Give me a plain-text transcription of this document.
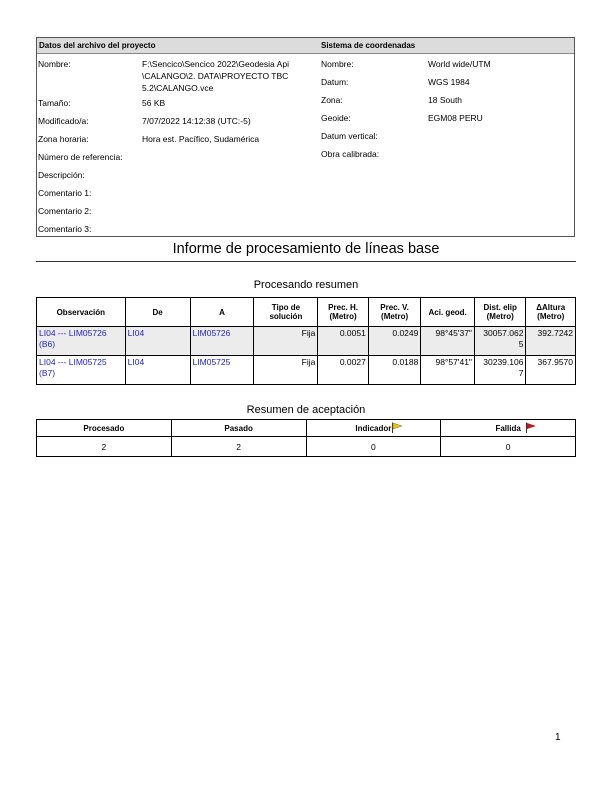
Datos del archivo del proyecto	Sistema de coordenadas
Nombre:	F:\Sencico\Sencico 2022\Geodesia Api \CALANGO\2. DATA\PROYECTO TBC 5.2\CALANGO.vce
Tamaño:	56 KB
Modificado/a:	7/07/2022 14:12:38 (UTC:-5)
Zona horaria:	Hora est. Pacífico, Sudamérica
Número de referencia:
Descripción:
Comentario 1:
Comentario 2:
Comentario 3:
Nombre:	World wide/UTM
Datum:	WGS 1984
Zona:	18 South
Geoide:	EGM08 PERU
Datum vertical:
Obra calibrada:
Informe de procesamiento de líneas base
Procesando resumen
Observación	De	A	Tipo de solución	Prec. H. (Metro)	Prec. V. (Metro)	Aci. geod.	Dist. elip (Metro)	ΔAltura (Metro)
LI04 --- LIM05726 (B6)	LI04	LIM05726	Fija	0.0051	0.0249	98°45'37"	30057.062 5	392.7242
LI04 --- LIM05725 (B7)	LI04	LIM05725	Fija	0.0027	0.0188	98°57'41"	30239.106 7	367.9570
Resumen de aceptación
Procesado	Pasado	Indicador	Fallida

2	2	0	0
1
